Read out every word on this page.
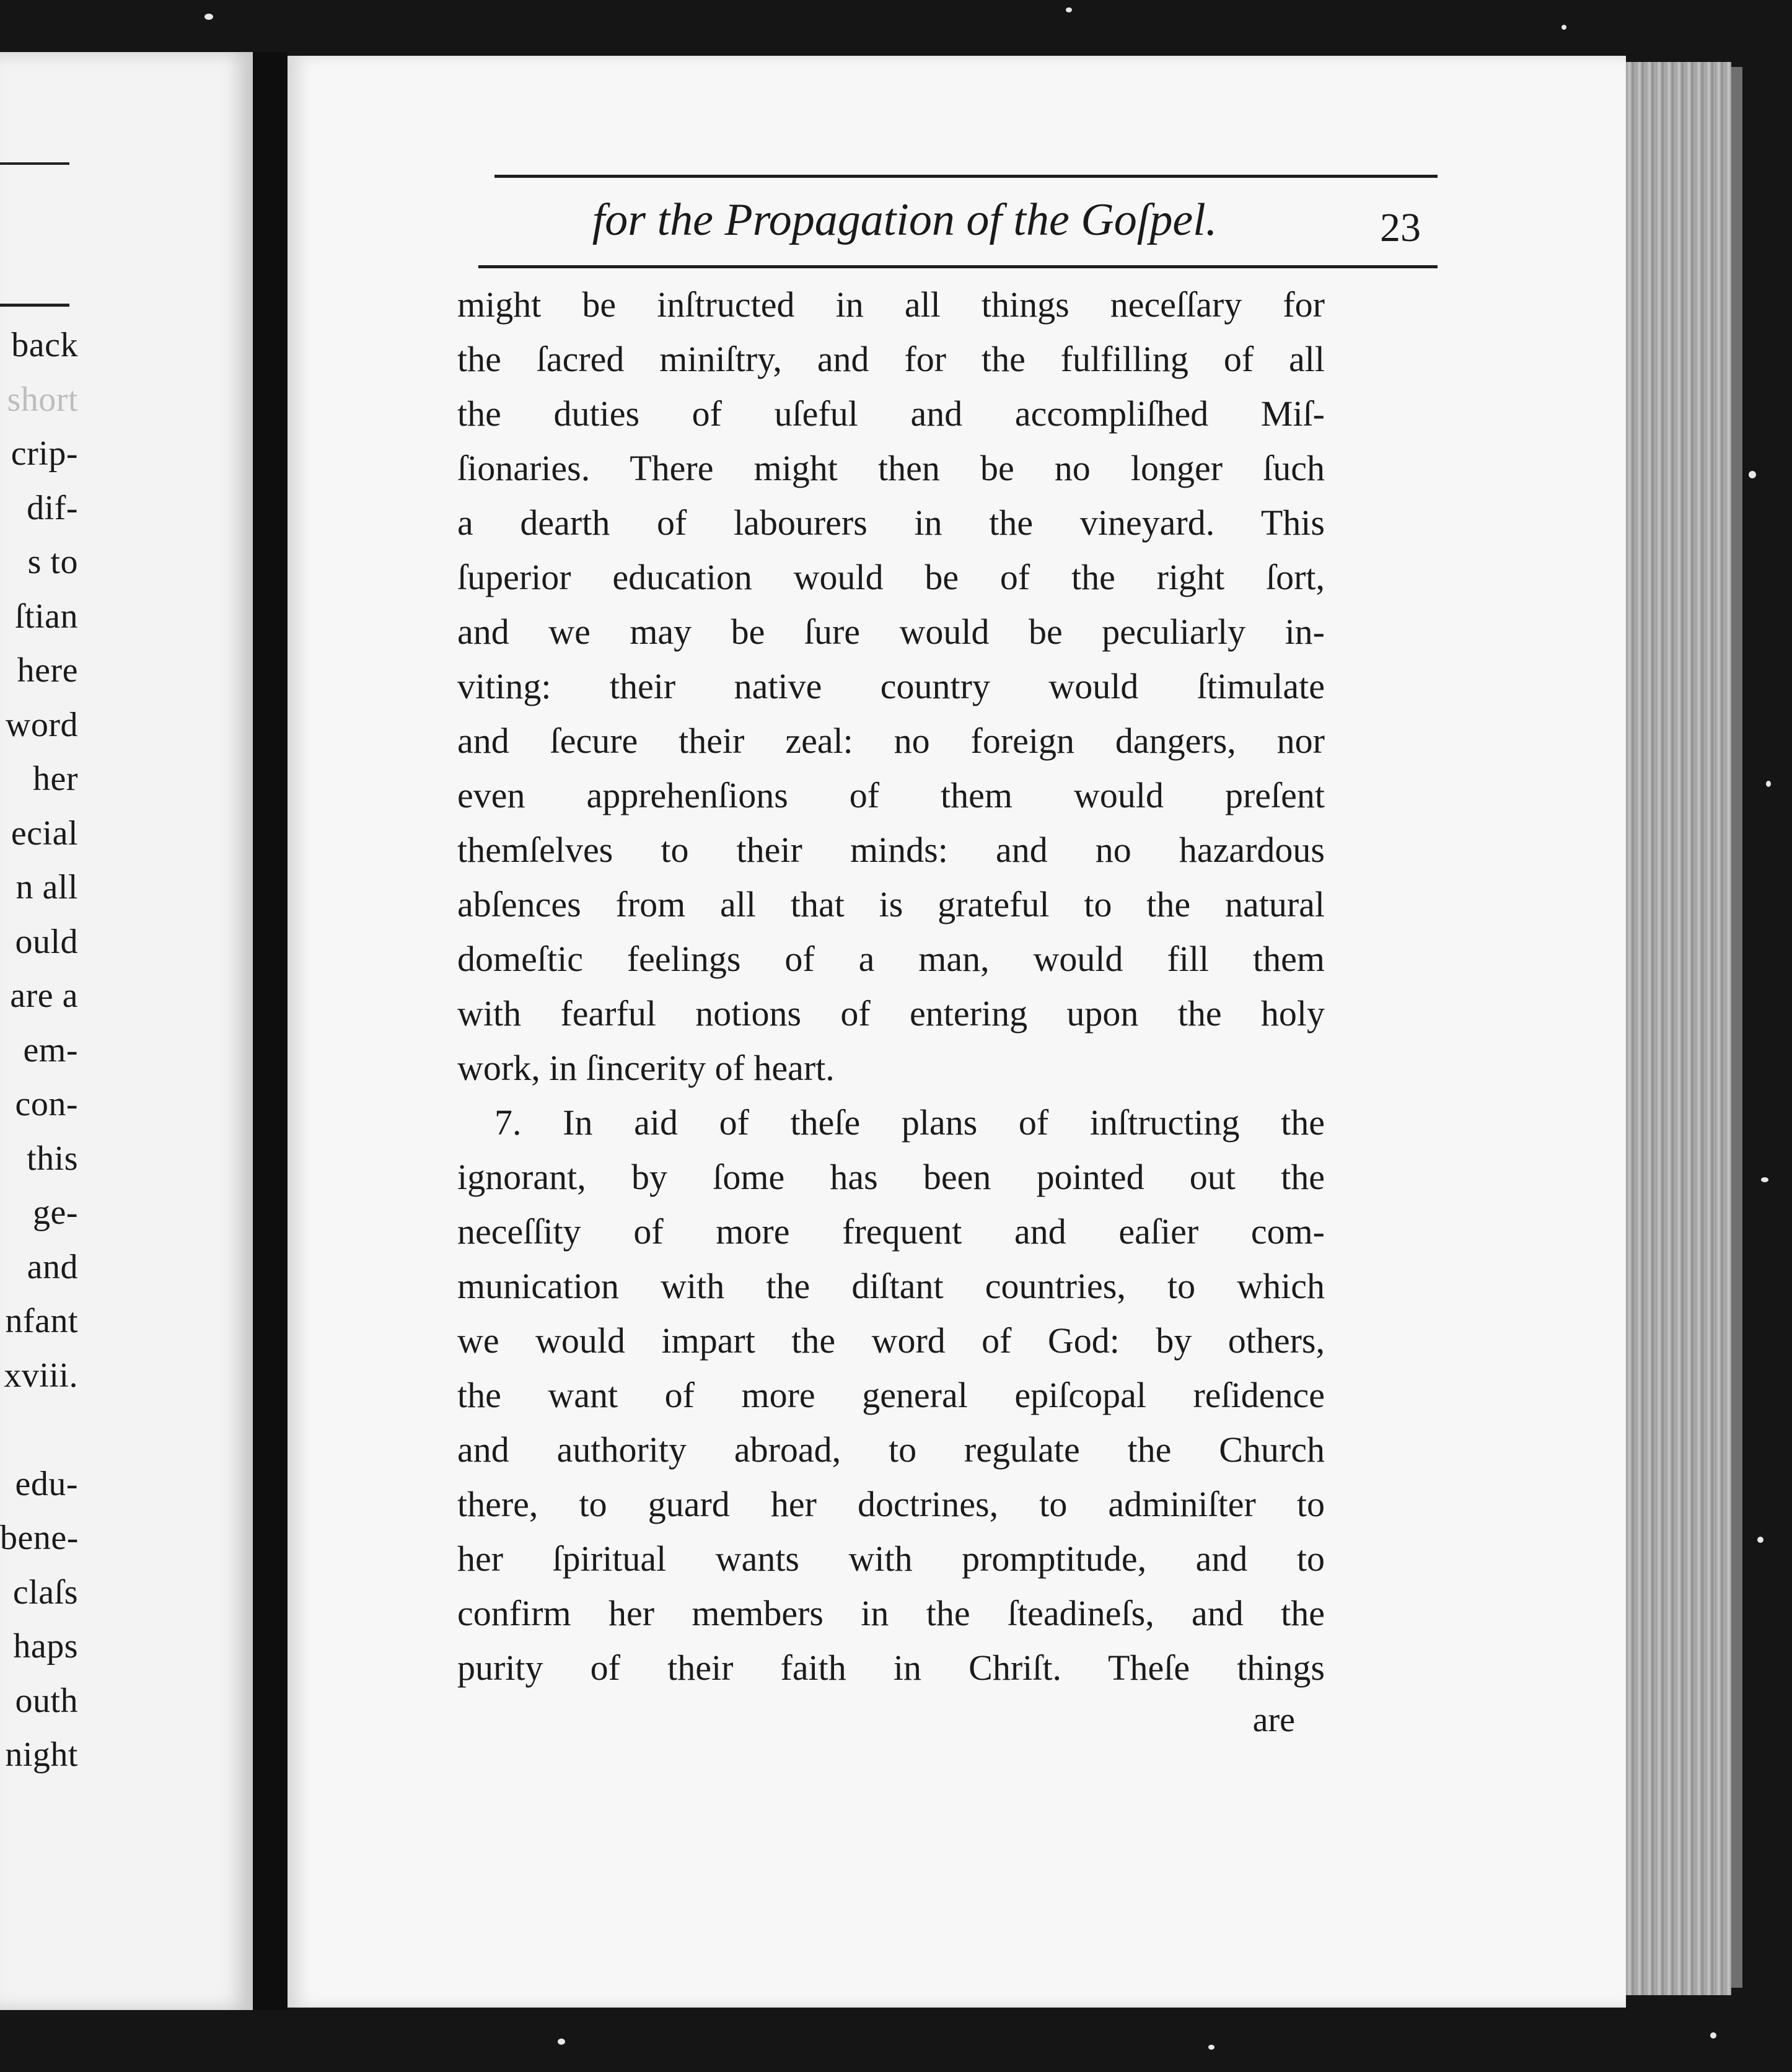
back
short
crip-
dif-
s to
ſtian
here
word
her
ecial
n all
ould
are a
em-
con-
this
ge-
and
nfant
xviii.
edu-
bene-
claſs
haps
outh
night
for the Propagation of the Goſpel.	23
might be inſtructed in all things neceſſary for
the ſacred miniſtry, and for the fulfilling of all
the duties of uſeful and accompliſhed Miſ-
ſionaries. There might then be no longer ſuch
a dearth of labourers in the vineyard. This
ſuperior education would be of the right ſort,
and we may be ſure would be peculiarly in-
viting: their native country would ſtimulate
and ſecure their zeal: no foreign dangers, nor
even apprehenſions of them would preſent
themſelves to their minds: and no hazardous
abſences from all that is grateful to the natural
domeſtic feelings of a man, would fill them
with fearful notions of entering upon the holy
work, in ſincerity of heart.
7. In aid of theſe plans of inſtructing the
ignorant, by ſome has been pointed out the
neceſſity of more frequent and eaſier com-
munication with the diſtant countries, to which
we would impart the word of God: by others,
the want of more general epiſcopal reſidence
and authority abroad, to regulate the Church
there, to guard her doctrines, to adminiſter to
her ſpiritual wants with promptitude, and to
confirm her members in the ſteadineſs, and the
purity of their faith in Chriſt. Theſe things
are
